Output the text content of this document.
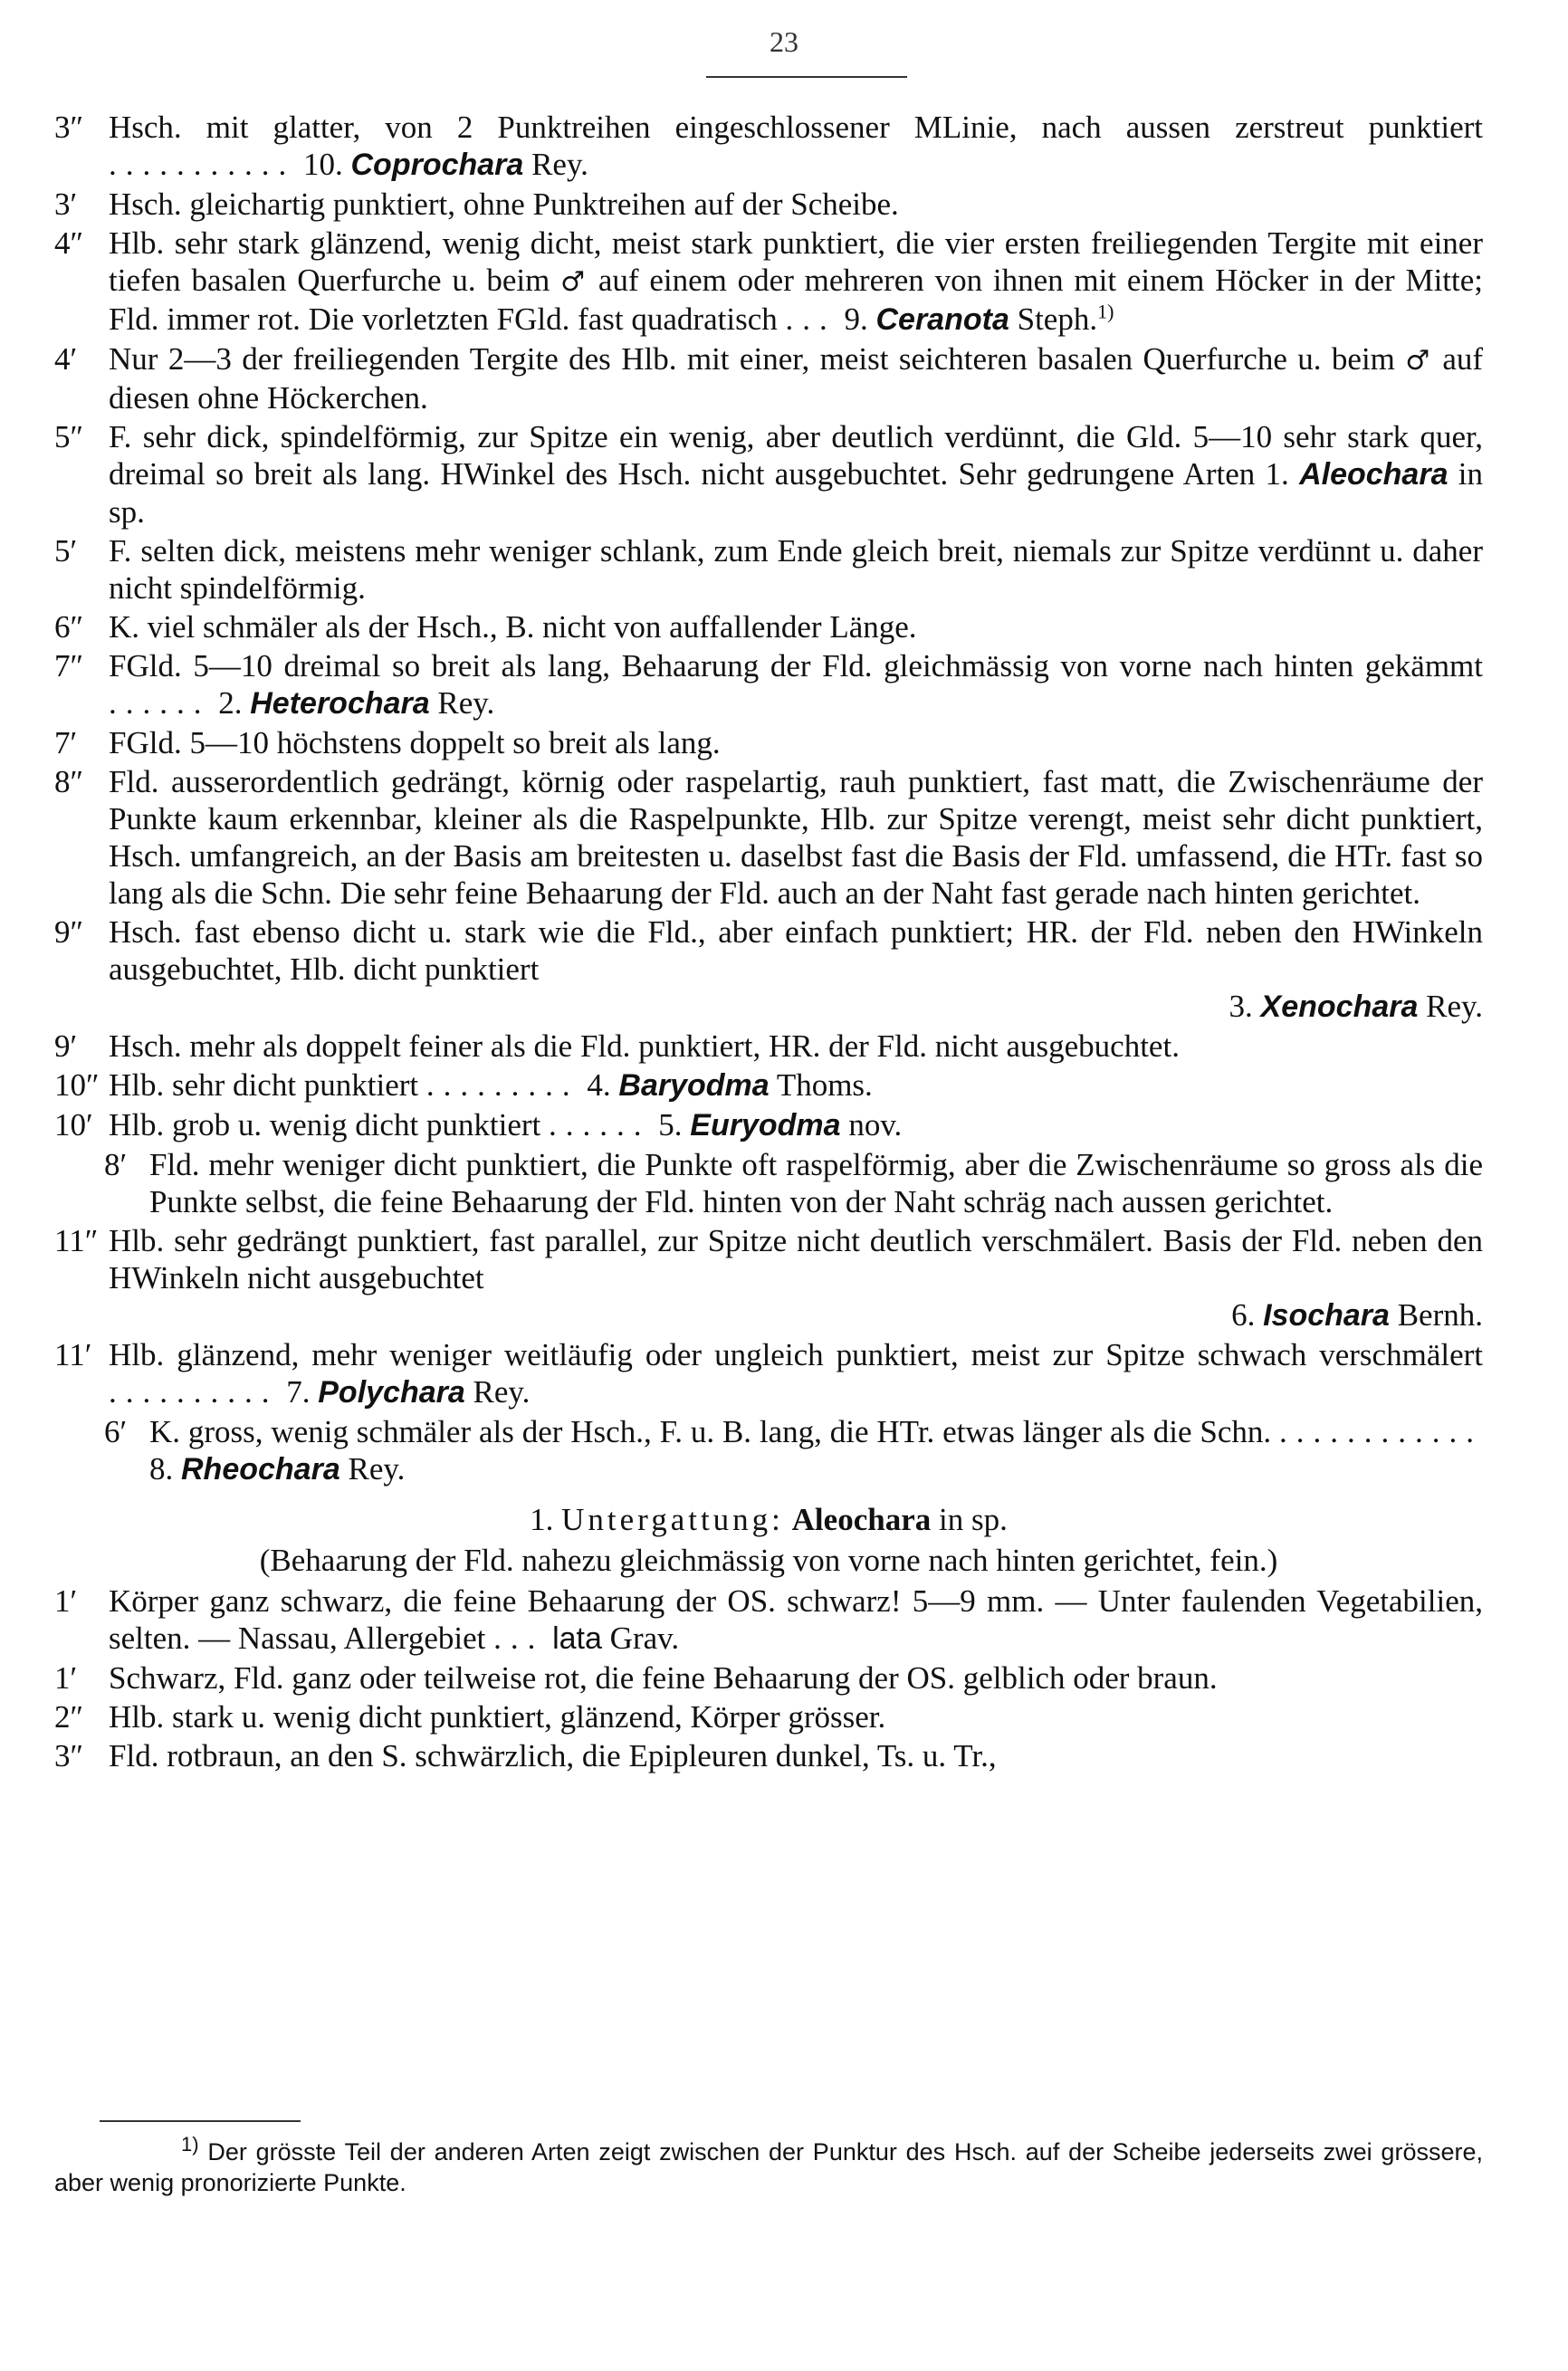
23
3″ Hsch. mit glatter, von 2 Punktreihen eingeschlossener MLinie, nach aussen zerstreut punktiert ........... 10. Coprochara Rey.
3′ Hsch. gleichartig punktiert, ohne Punktreihen auf der Scheibe.
4″ Hlb. sehr stark glänzend, wenig dicht, meist stark punktiert, die vier ersten freiliegenden Tergite mit einer tiefen basalen Querfurche u. beim ♂ auf einem oder mehreren von ihnen mit einem Höcker in der Mitte; Fld. immer rot. Die vorletzten FGld. fast quadratisch ... 9. Ceranota Steph.$^{1)}$
4′ Nur 2—3 der freiliegenden Tergite des Hlb. mit einer, meist seichteren basalen Querfurche u. beim ♂ auf diesen ohne Höckerchen.
5″ F. sehr dick, spindelförmig, zur Spitze ein wenig, aber deutlich verdünnt, die Gld. 5—10 sehr stark quer, dreimal so breit als lang. HWinkel des Hsch. nicht ausgebuchtet. Sehr gedrungene Arten 1. Aleochara in sp.
5′ F. selten dick, meistens mehr weniger schlank, zum Ende gleich breit, niemals zur Spitze verdünnt u. daher nicht spindelförmig.
6″ K. viel schmäler als der Hsch., B. nicht von auffallender Länge.
7″ FGld. 5—10 dreimal so breit als lang, Behaarung der Fld. gleichmässig von vorne nach hinten gekämmt ...... 2. Heterochara Rey.
7′ FGld. 5—10 höchstens doppelt so breit als lang.
8″ Fld. ausserordentlich gedrängt, körnig oder raspelartig, rauh punktiert, fast matt, die Zwischenräume der Punkte kaum erkennbar, kleiner als die Raspelpunkte, Hlb. zur Spitze verengt, meist sehr dicht punktiert, Hsch. umfangreich, an der Basis am breitesten u. daselbst fast die Basis der Fld. umfassend, die HTr. fast so lang als die Schn. Die sehr feine Behaarung der Fld. auch an der Naht fast gerade nach hinten gerichtet.
9″ Hsch. fast ebenso dicht u. stark wie die Fld., aber einfach punktiert; HR. der Fld. neben den HWinkeln ausgebuchtet, Hlb. dicht punktiert
3. Xenochara Rey.
9′ Hsch. mehr als doppelt feiner als die Fld. punktiert, HR. der Fld. nicht ausgebuchtet.
10″ Hlb. sehr dicht punktiert ......... 4. Baryodma Thoms.
10′ Hlb. grob u. wenig dicht punktiert ...... 5. Euryodma nov.
8′ Fld. mehr weniger dicht punktiert, die Punkte oft raspelförmig, aber die Zwischenräume so gross als die Punkte selbst, die feine Behaarung der Fld. hinten von der Naht schräg nach aussen gerichtet.
11″ Hlb. sehr gedrängt punktiert, fast parallel, zur Spitze nicht deutlich verschmälert. Basis der Fld. neben den HWinkeln nicht ausgebuchtet
6. Isochara Bernh.
11′ Hlb. glänzend, mehr weniger weitläufig oder ungleich punktiert, meist zur Spitze schwach verschmälert .......... 7. Polychara Rey.
6′ K. gross, wenig schmäler als der Hsch., F. u. B. lang, die HTr. etwas länger als die Schn. ............ 8. Rheochara Rey.
1. Untergattung: Aleochara in sp.
(Behaarung der Fld. nahezu gleichmässig von vorne nach hinten gerichtet, fein.)
1′ Körper ganz schwarz, die feine Behaarung der OS. schwarz! 5—9 mm. — Unter faulenden Vegetabilien, selten. — Nassau, Allergebiet ... lata Grav.
1′ Schwarz, Fld. ganz oder teilweise rot, die feine Behaarung der OS. gelblich oder braun.
2″ Hlb. stark u. wenig dicht punktiert, glänzend, Körper grösser.
3″ Fld. rotbraun, an den S. schwärzlich, die Epipleuren dunkel, Ts. u. Tr.,
$^{1)}$ Der grösste Teil der anderen Arten zeigt zwischen der Punktur des Hsch. auf der Scheibe jederseits zwei grössere, aber wenig pronorizierte Punkte.
